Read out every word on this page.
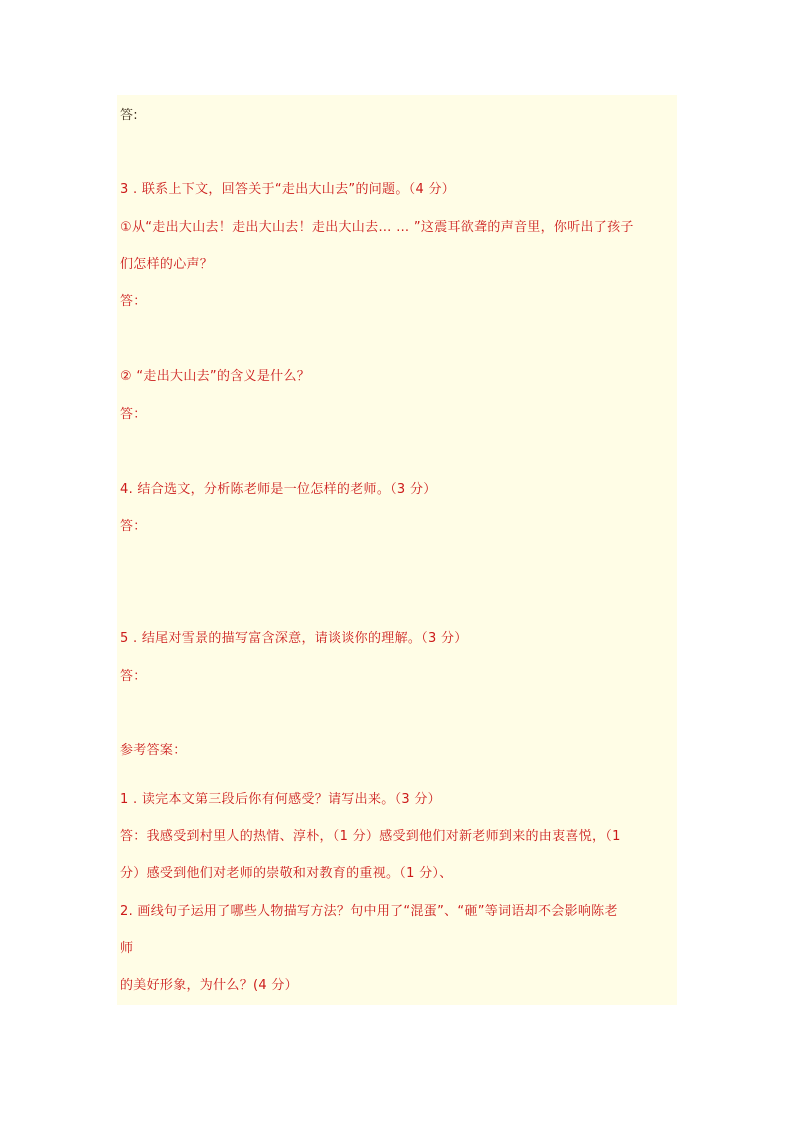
答:
3 . 联系上下文，回答关于“走出大山去”的问题。（4 分）
①从“走出大山去！走出大山去！走出大山去… … ”这震耳欲聋的声音里，你听出了孩子
们怎样的心声？
答：
② “走出大山去”的含义是什么？
答：
4. 结合选文，分析陈老师是一位怎样的老师。（3 分）
答：
5 . 结尾对雪景的描写富含深意，请谈谈你的理解。（3 分）
答：
参考答案：
1 . 读完本文第三段后你有何感受？请写出来。（3 分）
答：我感受到村里人的热情、淳朴，（1 分）感受到他们对新老师到来的由衷喜悦，（1
分）感受到他们对老师的崇敬和对教育的重视。（1 分）、
2. 画线句子运用了哪些人物描写方法？句中用了“混蛋”、“砸”等词语却不会影响陈老
师
的美好形象，为什么？(4 分）
